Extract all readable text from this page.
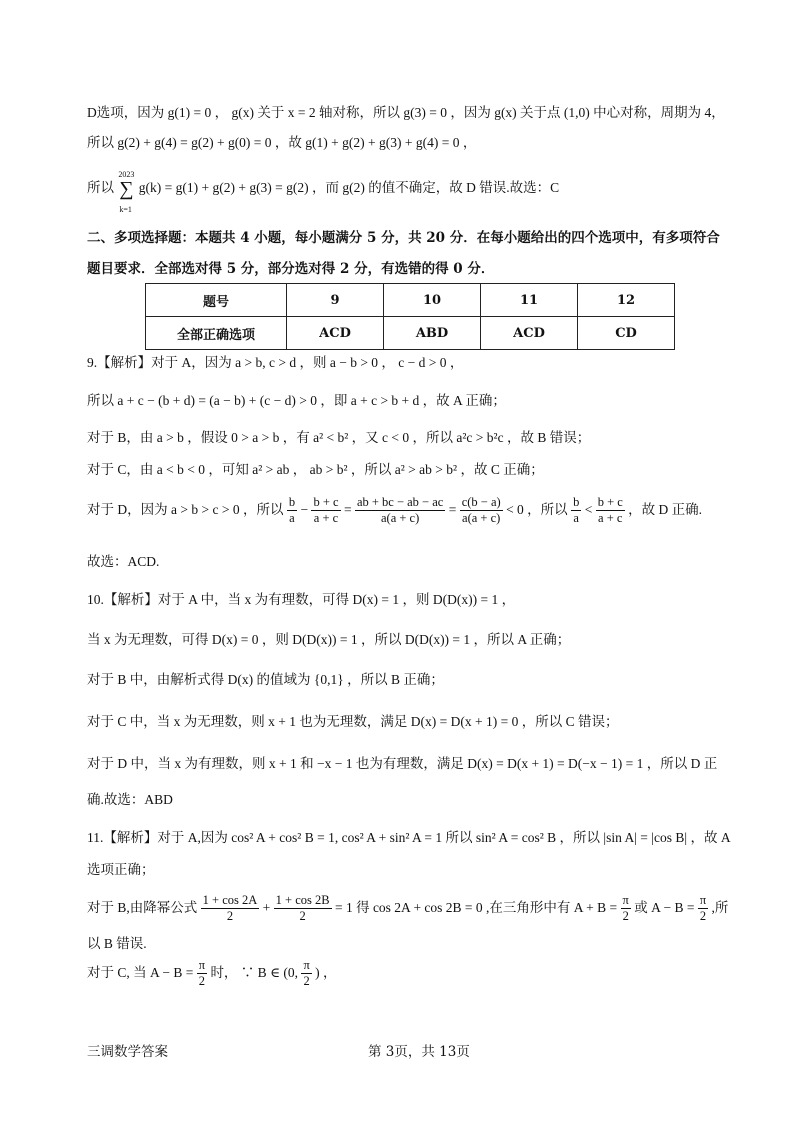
D选项，因为 g(1) = 0 ， g(x) 关于 x = 2 轴对称，所以 g(3) = 0 ，因为 g(x) 关于点 (1,0) 中心对称，周期为 4，
所以 g(2) + g(4) = g(2) + g(0) = 0 ，故 g(1) + g(2) + g(3) + g(4) = 0 ，
所以 ∑
2023
k=1
g(k) = g(1) + g(2) + g(3) = g(2) ，而 g(2) 的值不确定，故 D 错误.故选：C
二、多项选择题：本题共 4 小题，每小题满分 5 分，共 20 分．在每小题给出的四个选项中，有多项符合
题目要求．全部选对得 5 分，部分选对得 2 分，有选错的得 0 分．
题号	9	10	11	12
全部正确选项	ACD	ABD	ACD	CD
9.【解析】对于 A，因为 a > b, c > d ，则 a − b > 0 ， c − d > 0 ，
所以 a + c − (b + d) = (a − b) + (c − d) > 0 ，即 a + c > b + d ，故 A 正确；
对于 B，由 a > b ，假设 0 > a > b ，有 a² < b² ，又 c < 0 ，所以 a²c > b²c ，故 B 错误；
对于 C，由 a < b < 0 ，可知 a² > ab ， ab > b² ，所以 a² > ab > b² ，故 C 正确；
对于 D，因为 a > b > c > 0 ，所以 $\frac{b}{a} - \frac{b + c}{a + c} = \frac{ab + bc - ab - ac}{a(a + c)} = \frac{c(b - a)}{a(a + c)} < 0$ ，所以 $\frac{b}{a} < \frac{b + c}{a + c}$ ，故 D 正确.
故选：ACD.
10.【解析】对于 A 中，当 x 为有理数，可得 D(x) = 1 ，则 D(D(x)) = 1 ，
当 x 为无理数，可得 D(x) = 0 ，则 D(D(x)) = 1 ，所以 D(D(x)) = 1 ，所以 A 正确；
对于 B 中，由解析式得 D(x) 的值域为 {0,1} ，所以 B 正确；
对于 C 中，当 x 为无理数，则 x + 1 也为无理数，满足 D(x) = D(x + 1) = 0 ，所以 C 错误；
对于 D 中，当 x 为有理数，则 x + 1 和 −x − 1 也为有理数，满足 D(x) = D(x + 1) = D(−x − 1) = 1 ，所以 D 正
确.故选：ABD
11.【解析】对于 A,因为 cos² A + cos² B = 1, cos² A + sin² A = 1 所以 sin² A = cos² B ，所以 |sin A| = |cos B| ，故 A
选项正确；
对于 B,由降幂公式 $\frac{1 + \cos 2A}{2} + \frac{1 + \cos 2B}{2} = 1$ 得 cos 2A + cos 2B = 0 ,在三角形中有 $A + B = \frac{\pi}{2}$ 或 $A - B = \frac{\pi}{2}$ ,所
以 B 错误.
对于 C, 当 $A - B = \frac{\pi}{2}$ 时， ∵ B ∈ (0, $\frac{\pi}{2}$ ) ，
三调数学答案	第 3页，共 13页
